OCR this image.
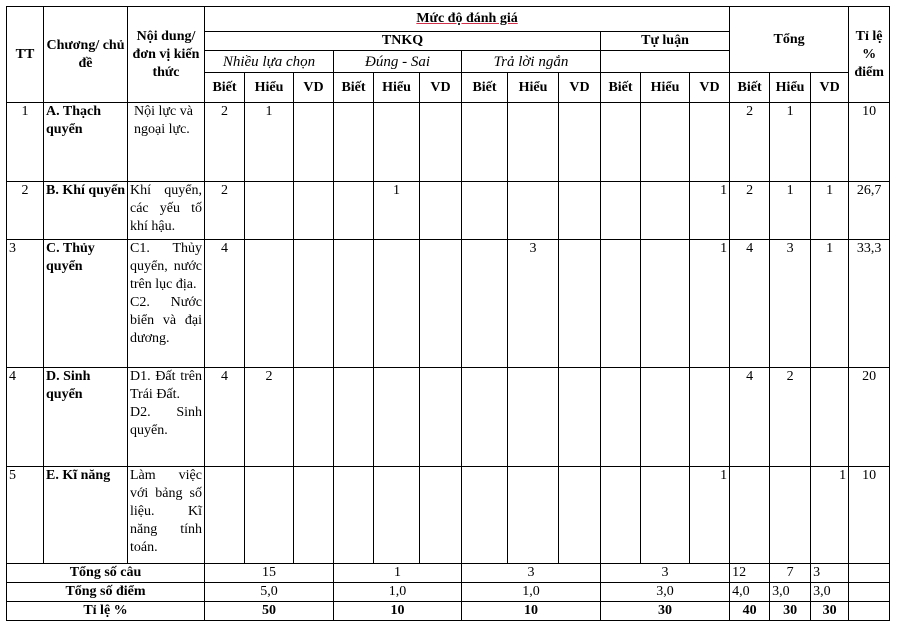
TT	Chương/ chủ đề	Nội dung/đơn vị kiến thức	Mức độ đánh giá												Tổng			Tỉ lệ % điểm
			TNKQ									Tự luận						
			Nhiều lựa chọn			Đúng - Sai			Trả lời ngắn									
			Biết	Hiểu	VD	Biết	Hiểu	VD	Biết	Hiểu	VD	Biết	Hiểu	VD	Biết	Hiểu	VD	
1	A. Thạch quyển	Nội lực và ngoại lực.	2	1											2	1		10
2	B. Khí quyển	Khí quyển, các yếu tố khí hậu.	2				1							1	2	1	1	26,7
3	C. Thủy quyển	C1. Thủy quyển, nước trên lục địa.
C2. Nước biển và đại dương.	4							3				1	4	3	1	33,3
4	D. Sinh quyển	D1. Đất trên Trái Đất.
D2. Sinh quyển.	4	2											4	2		20
5	E. Kĩ năng	Làm việc với bảng số liệu. Kĩ năng tính toán.												1			1	10
Tổng số câu			15			1			3			3			12	7	3	
Tổng số điểm			5,0			1,0			1,0			3,0			4,0	3,0	3,0	
Tỉ lệ %			50			10			10			30			40	30	30	
